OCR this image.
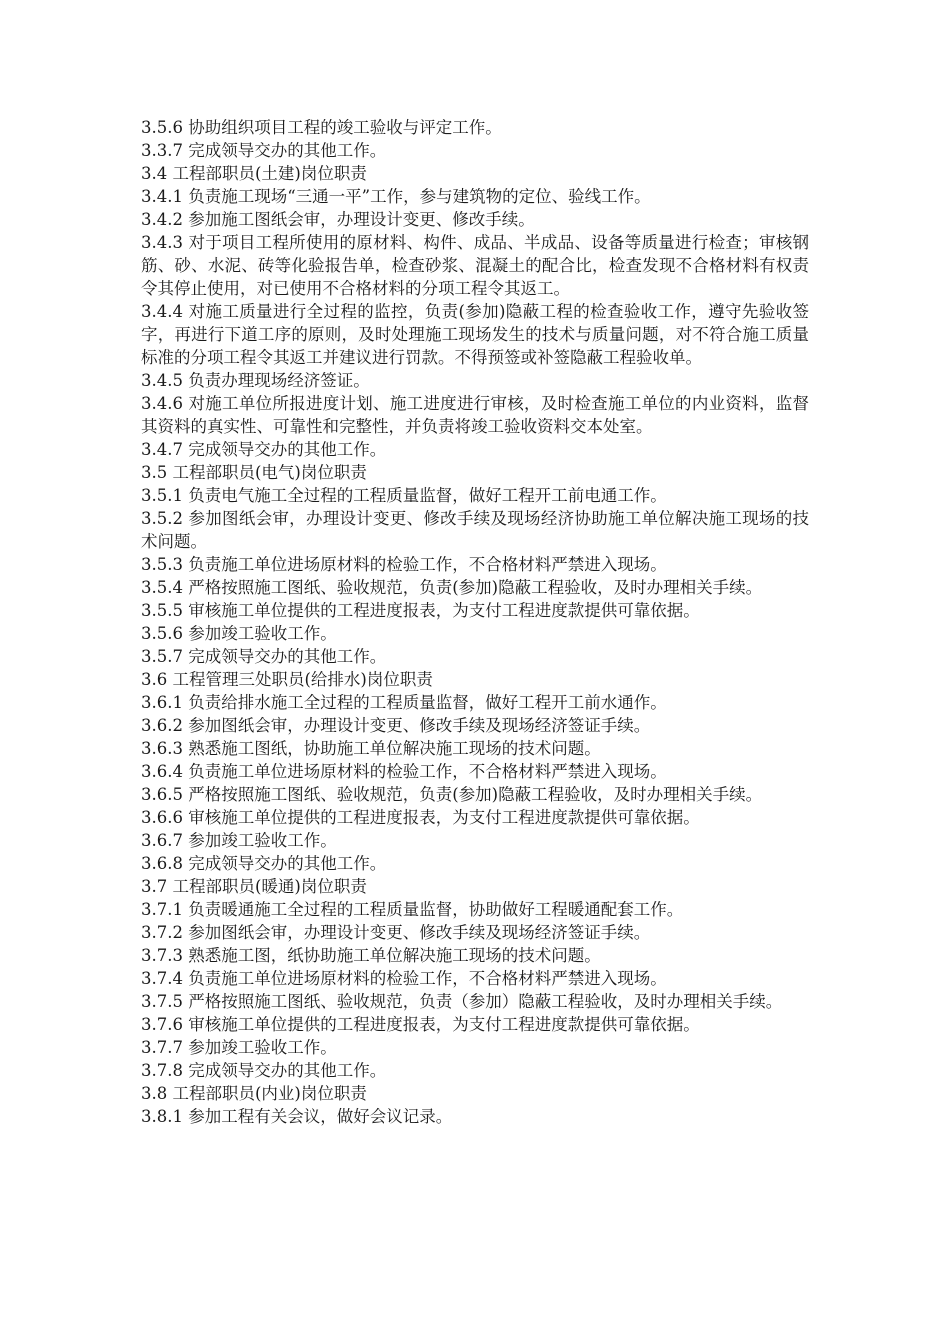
3.5.6 协助组织项目工程的竣工验收与评定工作。

3.3.7 完成领导交办的其他工作。

3.4 工程部职员(土建)岗位职责

3.4.1 负责施工现场“三通一平”工作，参与建筑物的定位、验线工作。

3.4.2 参加施工图纸会审，办理设计变更、修改手续。

3.4.3 对于项目工程所使用的原材料、构件、成品、半成品、设备等质量进行检查；审核钢筋、砂、水泥、砖等化验报告单，检查砂浆、混凝土的配合比，检查发现不合格材料有权责令其停止使用，对已使用不合格材料的分项工程令其返工。

3.4.4 对施工质量进行全过程的监控，负责(参加)隐蔽工程的检查验收工作，遵守先验收签字，再进行下道工序的原则，及时处理施工现场发生的技术与质量问题，对不符合施工质量标准的分项工程令其返工并建议进行罚款。不得预签或补签隐蔽工程验收单。

3.4.5 负责办理现场经济签证。

3.4.6 对施工单位所报进度计划、施工进度进行审核，及时检查施工单位的内业资料，监督其资料的真实性、可靠性和完整性，并负责将竣工验收资料交本处室。

3.4.7 完成领导交办的其他工作。

3.5 工程部职员(电气)岗位职责

3.5.1 负责电气施工全过程的工程质量监督，做好工程开工前电通工作。

3.5.2 参加图纸会审，办理设计变更、修改手续及现场经济协助施工单位解决施工现场的技术问题。

3.5.3 负责施工单位进场原材料的检验工作，不合格材料严禁进入现场。

3.5.4 严格按照施工图纸、验收规范，负责(参加)隐蔽工程验收，及时办理相关手续。

3.5.5 审核施工单位提供的工程进度报表，为支付工程进度款提供可靠依据。

3.5.6 参加竣工验收工作。

3.5.7 完成领导交办的其他工作。

3.6 工程管理三处职员(给排水)岗位职责

3.6.1 负责给排水施工全过程的工程质量监督，做好工程开工前水通作。

3.6.2 参加图纸会审，办理设计变更、修改手续及现场经济签证手续。

3.6.3 熟悉施工图纸，协助施工单位解决施工现场的技术问题。

3.6.4 负责施工单位进场原材料的检验工作，不合格材料严禁进入现场。

3.6.5 严格按照施工图纸、验收规范，负责(参加)隐蔽工程验收，及时办理相关手续。

3.6.6 审核施工单位提供的工程进度报表，为支付工程进度款提供可靠依据。

3.6.7 参加竣工验收工作。

3.6.8 完成领导交办的其他工作。

3.7 工程部职员(暖通)岗位职责

3.7.1 负责暖通施工全过程的工程质量监督，协助做好工程暖通配套工作。

3.7.2 参加图纸会审，办理设计变更、修改手续及现场经济签证手续。

3.7.3 熟悉施工图，纸协助施工单位解决施工现场的技术问题。

3.7.4 负责施工单位进场原材料的检验工作，不合格材料严禁进入现场。

3.7.5 严格按照施工图纸、验收规范，负责（参加）隐蔽工程验收，及时办理相关手续。

3.7.6 审核施工单位提供的工程进度报表，为支付工程进度款提供可靠依据。

3.7.7 参加竣工验收工作。

3.7.8 完成领导交办的其他工作。

3.8 工程部职员(内业)岗位职责

3.8.1 参加工程有关会议，做好会议记录。
